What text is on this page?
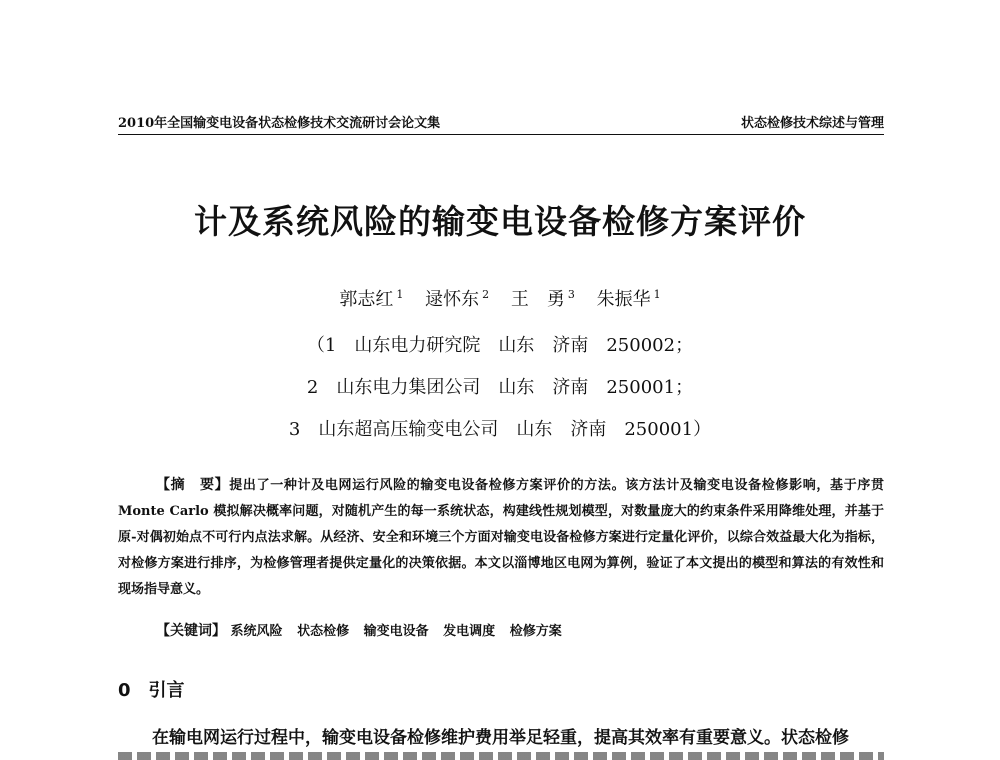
2010年全国输变电设备状态检修技术交流研讨会论文集	状态检修技术综述与管理
计及系统风险的输变电设备检修方案评价
郭志红 $^1$ 逯怀东 $^2$ 王　勇 $^3$ 朱振华 $^1$
（1　山东电力研究院　山东　济南　250002；
2　山东电力集团公司　山东　济南　250001；
3　山东超高压输变电公司　山东　济南　250001）
【摘　要】提出了一种计及电网运行风险的输变电设备检修方案评价的方法。该方法计及输变电设备检修影响，基于序贯 Monte Carlo 模拟解决概率问题，对随机产生的每一系统状态，构建线性规划模型，对数量庞大的约束条件采用降维处理，并基于原-对偶初始点不可行内点法求解。从经济、安全和环境三个方面对输变电设备检修方案进行定量化评价，以综合效益最大化为指标，对检修方案进行排序，为检修管理者提供定量化的决策依据。本文以淄博地区电网为算例，验证了本文提出的模型和算法的有效性和现场指导意义。
【关键词】 系统风险 状态检修 输变电设备 发电调度 检修方案
0 引言
在输电网运行过程中，输变电设备检修维护费用举足轻重，提高其效率有重要意义。状态检修
